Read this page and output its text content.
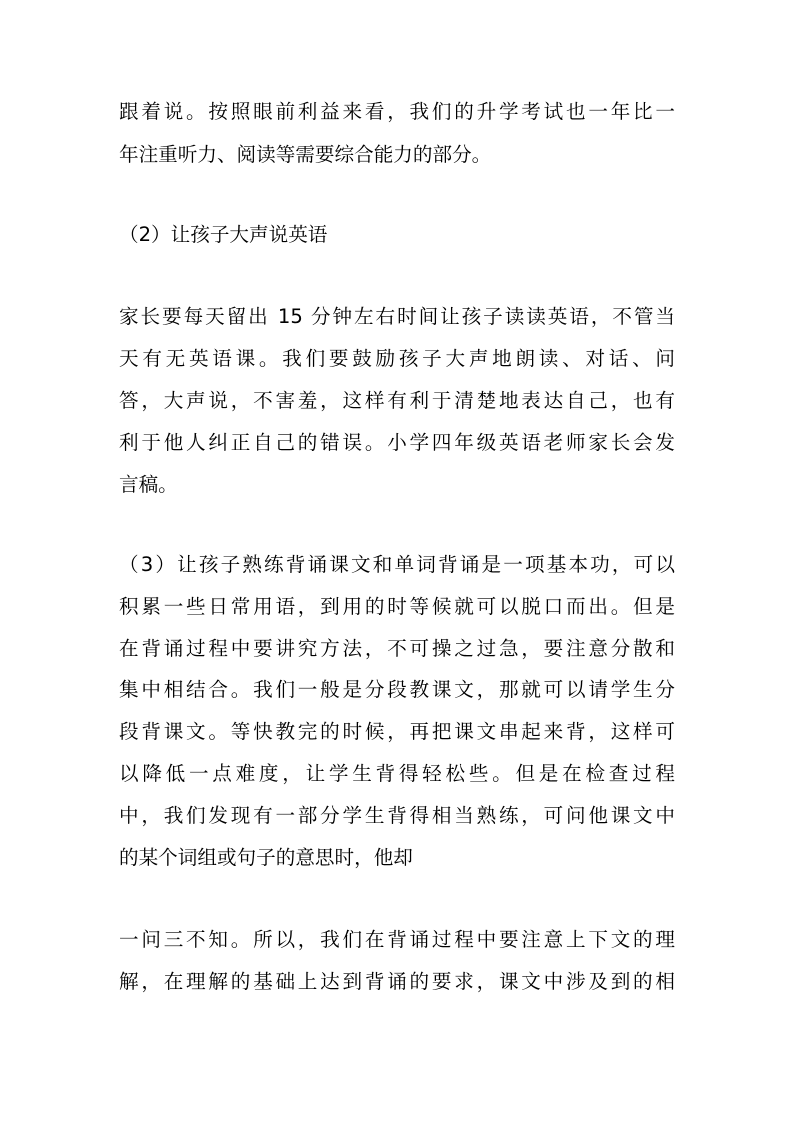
跟着说。按照眼前利益来看，我们的升学考试也一年比一
年注重听力、阅读等需要综合能力的部分。
（2）让孩子大声说英语
家长要每天留出 15 分钟左右时间让孩子读读英语，不管当
天有无英语课。我们要鼓励孩子大声地朗读、对话、问
答，大声说，不害羞，这样有利于清楚地表达自己，也有
利于他人纠正自己的错误。小学四年级英语老师家长会发
言稿。
（3）让孩子熟练背诵课文和单词背诵是一项基本功，可以
积累一些日常用语，到用的时等候就可以脱口而出。但是
在背诵过程中要讲究方法，不可操之过急，要注意分散和
集中相结合。我们一般是分段教课文，那就可以请学生分
段背课文。等快教完的时候，再把课文串起来背，这样可
以降低一点难度，让学生背得轻松些。但是在检查过程
中，我们发现有一部分学生背得相当熟练，可问他课文中
的某个词组或句子的意思时，他却
一问三不知。所以，我们在背诵过程中要注意上下文的理
解，在理解的基础上达到背诵的要求，课文中涉及到的相
